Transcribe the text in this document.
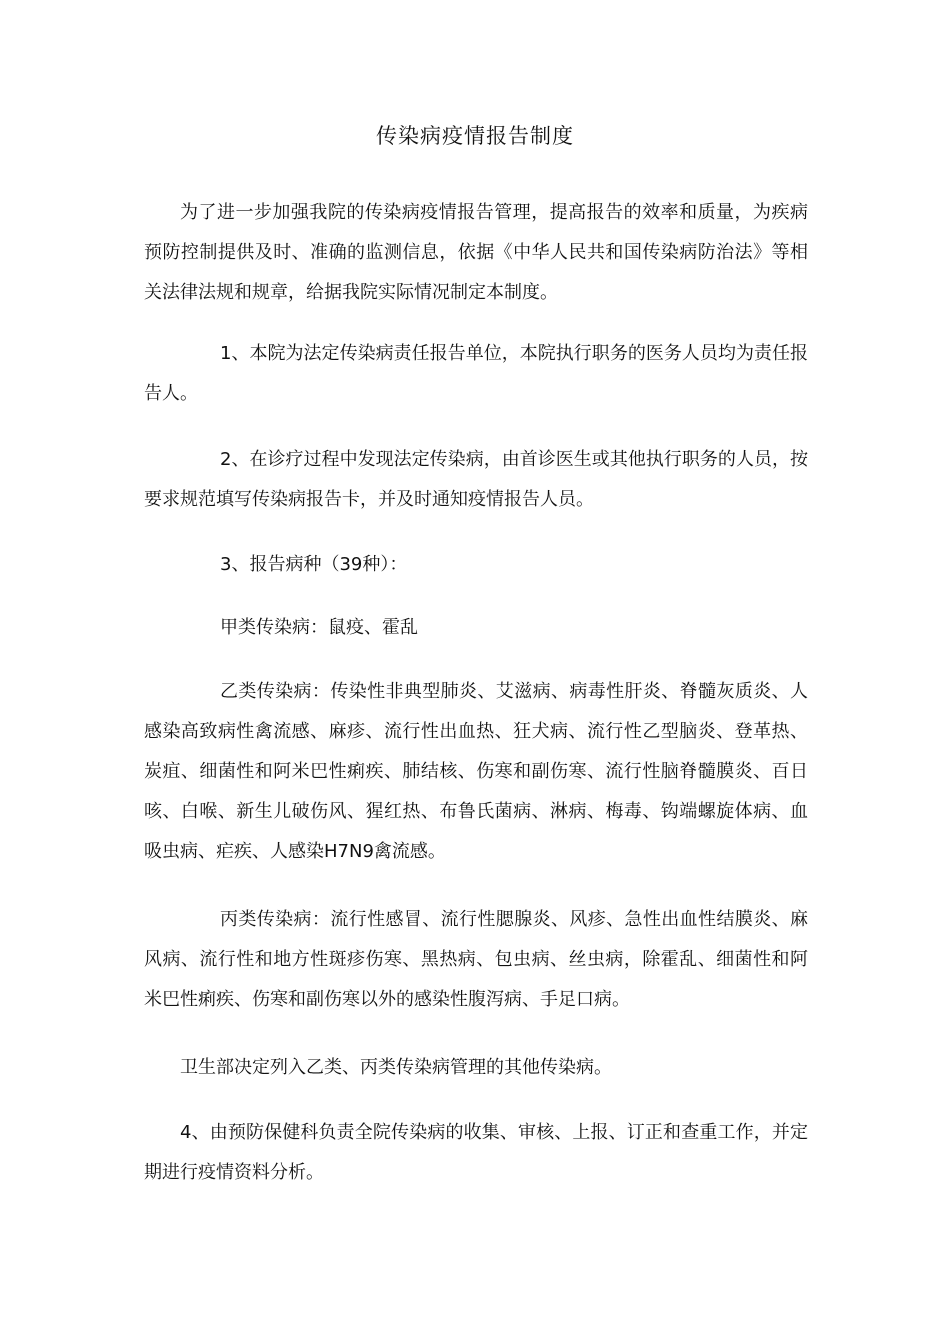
传染病疫情报告制度

为了进一步加强我院的传染病疫情报告管理，提高报告的效率和质量，为疾病预防控制提供及时、准确的监测信息，依据《中华人民共和国传染病防治法》等相关法律法规和规章，给据我院实际情况制定本制度。

1、本院为法定传染病责任报告单位，本院执行职务的医务人员均为责任报告人。

2、在诊疗过程中发现法定传染病，由首诊医生或其他执行职务的人员，按要求规范填写传染病报告卡，并及时通知疫情报告人员。

3、报告病种（39种）：

甲类传染病：鼠疫、霍乱

乙类传染病：传染性非典型肺炎、艾滋病、病毒性肝炎、脊髓灰质炎、人感染高致病性禽流感、麻疹、流行性出血热、狂犬病、流行性乙型脑炎、登革热、炭疽、细菌性和阿米巴性痢疾、肺结核、伤寒和副伤寒、流行性脑脊髓膜炎、百日咳、白喉、新生儿破伤风、猩红热、布鲁氏菌病、淋病、梅毒、钩端螺旋体病、血吸虫病、疟疾、人感染H7N9禽流感。

丙类传染病：流行性感冒、流行性腮腺炎、风疹、急性出血性结膜炎、麻风病、流行性和地方性斑疹伤寒、黑热病、包虫病、丝虫病，除霍乱、细菌性和阿米巴性痢疾、伤寒和副伤寒以外的感染性腹泻病、手足口病。

卫生部决定列入乙类、丙类传染病管理的其他传染病。

4、由预防保健科负责全院传染病的收集、审核、上报、订正和查重工作，并定期进行疫情资料分析。
